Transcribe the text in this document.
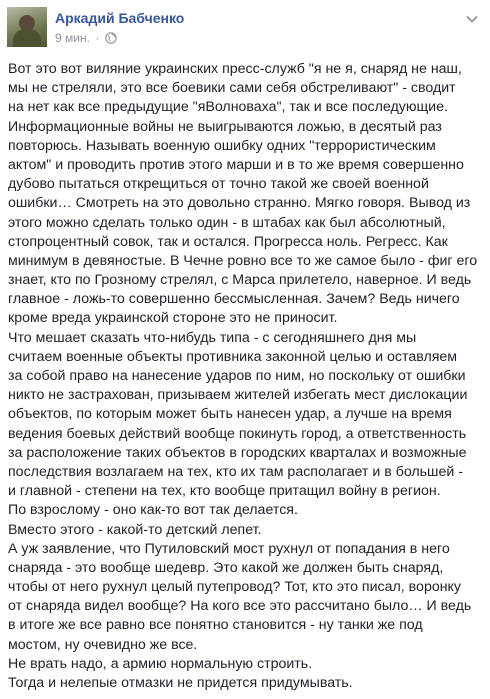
Аркадий Бабченко
9 мин. ·
Вот это вот виляние украинских пресс-служб "я не я, снаряд не наш,
мы не стреляли, это все боевики сами себя обстреливают" - сводит
на нет как все предыдущие "яВолноваха", так и все последующие.
Информационные войны не выигрываются ложью, в десятый раз
повторюсь. Называть военную ошибку одних "террористическим
актом" и проводить против этого марши и в то же время совершенно
дубово пытаться открещиться от точно такой же своей военной
ошибки… Смотреть на это довольно странно. Мягко говоря. Вывод из
этого можно сделать только один - в штабах как был абсолютный,
стопроцентный совок, так и остался. Прогресса ноль. Регресс. Как
минимум в девяностые. В Чечне ровно все то же самое было - фиг его
знает, кто по Грозному стрелял, с Марса прилетело, наверное. И ведь
главное - ложь-то совершенно бессмысленная. Зачем? Ведь ничего
кроме вреда украинской стороне это не приносит.
Что мешает сказать что-нибудь типа - с сегодняшнего дня мы
считаем военные объекты противника законной целью и оставляем
за собой право на нанесение ударов по ним, но поскольку от ошибки
никто не застрахован, призываем жителей избегать мест дислокации
объектов, по которым может быть нанесен удар, а лучше на время
ведения боевых действий вообще покинуть город, а ответственность
за расположение таких объектов в городских кварталах и возможные
последствия возлагаем на тех, кто их там располагает и в большей -
и главной - степени на тех, кто вообще притащил войну в регион.
По взрослому - оно как-то вот так делается.
Вместо этого - какой-то детский лепет.
А уж заявление, что Путиловский мост рухнул от попадания в него
снаряда - это вообще шедевр. Это какой же должен быть снаряд,
чтобы от него рухнул целый путепровод? Тот, кто это писал, воронку
от снаряда видел вообще? На кого все это рассчитано было… И ведь
в итоге же все равно все понятно становится - ну танки же под
мостом, ну очевидно же все.
Не врать надо, а армию нормальную строить.
Тогда и нелепые отмазки не придется придумывать.
